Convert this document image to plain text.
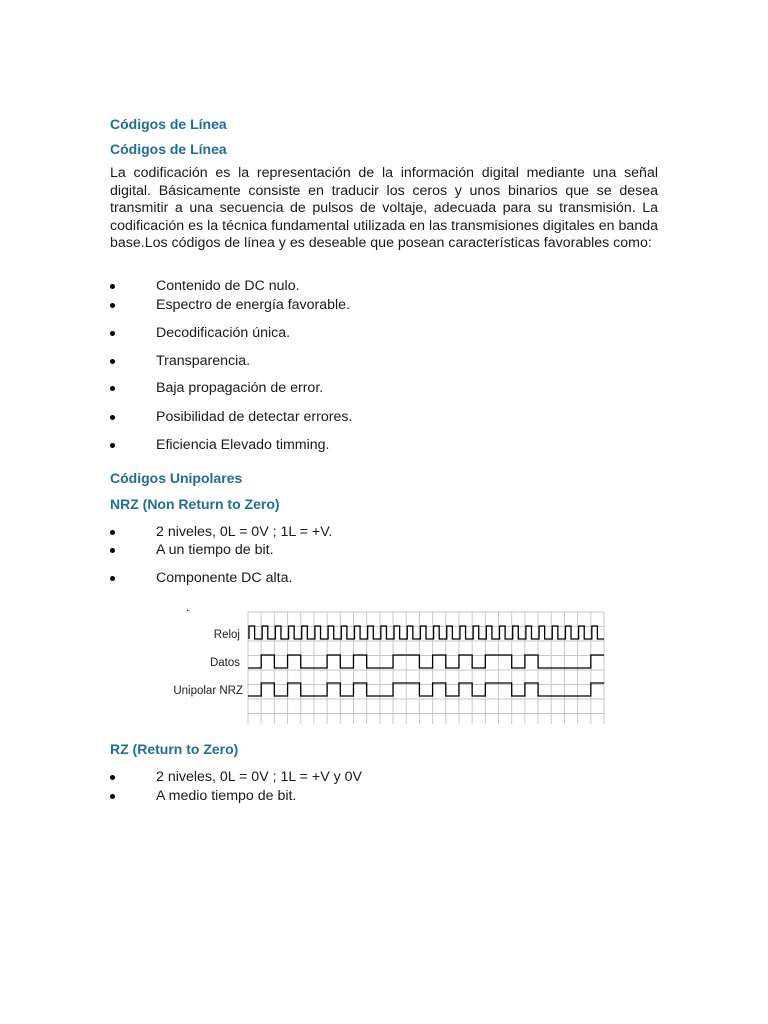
Códigos de Línea
Códigos de Línea

La codificación es la representación de la información digital mediante una señal digital. Básicamente consiste en traducir los ceros y unos binarios que se desea transmitir a una secuencia de pulsos de voltaje, adecuada para su transmisión. La codificación es la técnica fundamental utilizada en las transmisiones digitales en banda base.Los códigos de línea y es deseable que posean características favorables como:

Contenido de DC nulo.
Espectro de energía favorable.
Decodificación única.
Transparencia.
Baja propagación de error.
Posibilidad de detectar errores.
Eficiencia Elevado timming.
Códigos Unipolares
NRZ (Non Return to Zero)
2 niveles, 0L = 0V ; 1L = +V.
A un tiempo de bit.
Componente DC alta.
.
Reloj
Datos
Unipolar NRZ
RZ (Return to Zero)
2 niveles, 0L = 0V ; 1L = +V y 0V
A medio tiempo de bit.
